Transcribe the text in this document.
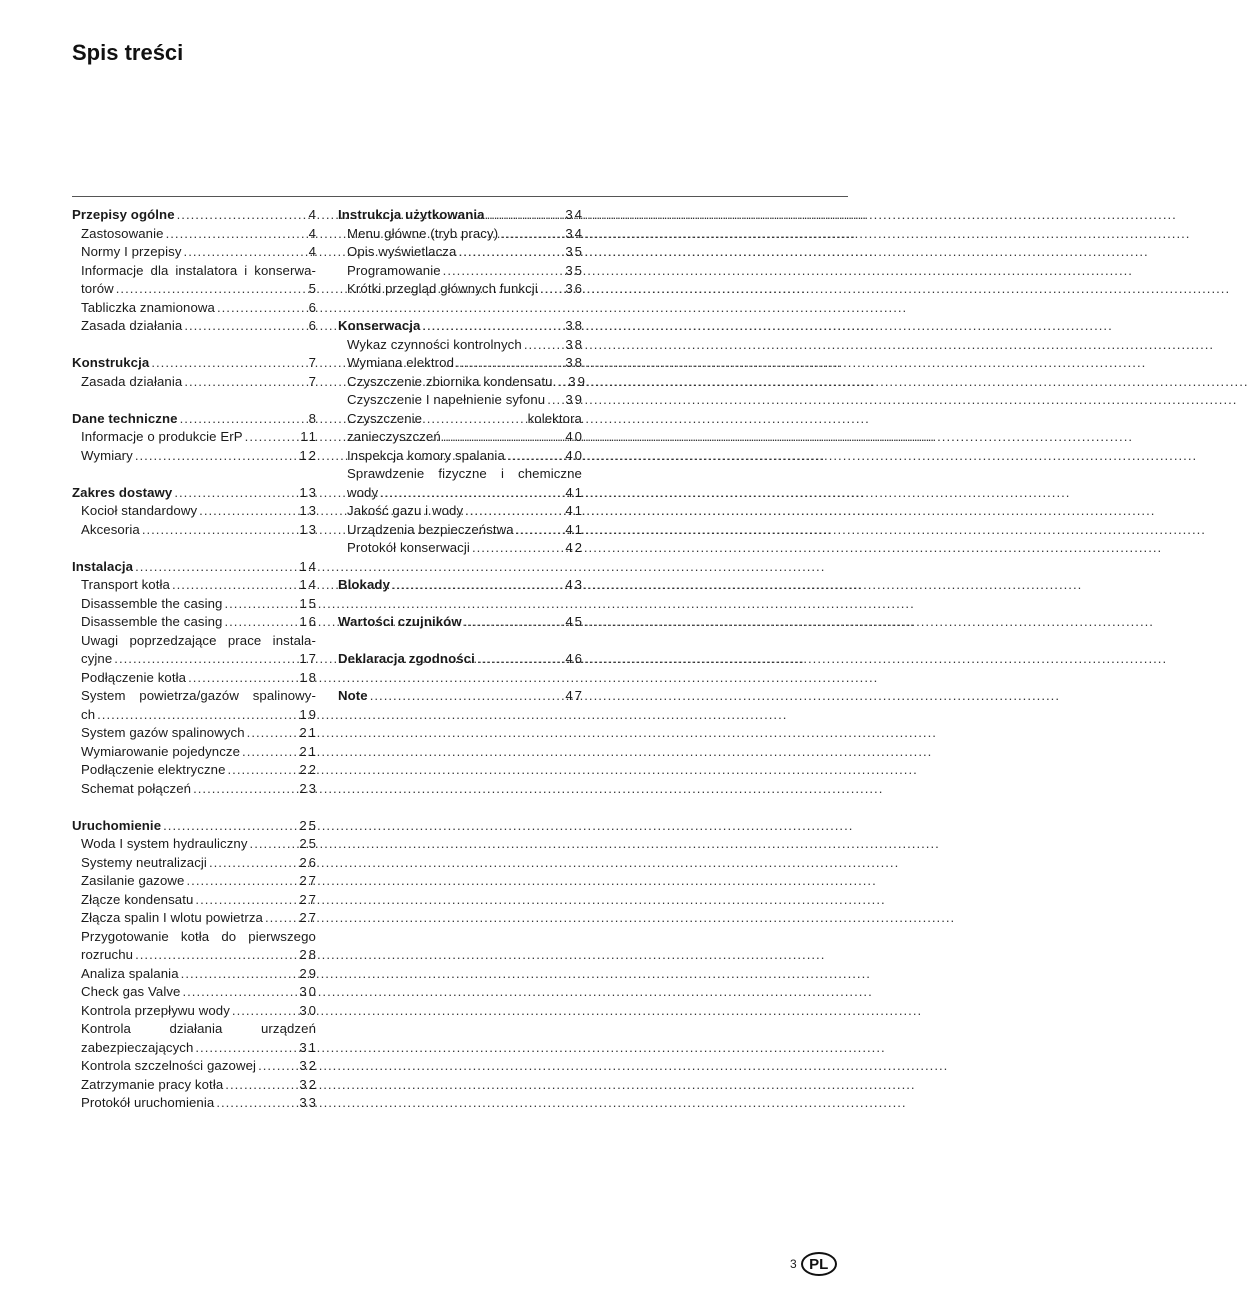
Spis treści
Przepisy ogólne .....	4
Zastosowanie .....	4
Normy I przepisy .....	4
Informacje dla instalatora i konserwa-
torów .....	5
Tabliczka znamionowa .....	6
Zasada działania .....	6
Konstrukcja .....	7
Zasada działania .....	7
Dane techniczne .....	8
Informacje o produkcie ErP .....	11
Wymiary .....	12
Zakres dostawy .....	13
Kocioł standardowy .....	13
Akcesoria .....	13
Instalacja .....	14
Transport kotła .....	14
Disassemble the casing .....	15
Disassemble the casing .....	16
Uwagi poprzedzające prace instala-
cyjne .....	17
Podłączenie kotła .....	18
System powietrza/gazów spalinowy-
ch .....	19
System gazów spalinowych .....	21
Wymiarowanie pojedyncze .....	21
Podłączenie elektryczne .....	22
Schemat połączeń .....	23
Uruchomienie .....	25
Woda I system hydrauliczny .....	25
Systemy neutralizacji .....	26
Zasilanie gazowe .....	27
Złącze kondensatu .....	27
Złącza spalin I wlotu powietrza .....	27
Przygotowanie kotła do pierwszego
rozruchu .....	28
Analiza spalania .....	29
Check gas Valve .....	30
Kontrola przepływu wody .....	30
Kontrola działania urządzeń
zabezpieczających .....	31
Kontrola szczelności gazowej .....	32
Zatrzymanie pracy kotła .....	32
Protokół uruchomienia .....	33
Instrukcja użytkowania .....	34
Menu główne (tryb pracy) .....	34
Opis wyświetlacza .....	35
Programowanie .....	35
Krótki przegląd głównych funkcji ..... 36
Konserwacja .....	38
Wykaz czynności kontrolnych .....	38
Wymiana elektrod .....	38
Czyszczenie zbiornika kondensatu. ..... 39
Czyszczenie I napełnienie syfonu ..... 39
Czyszczenie kolektora
zanieczyszczeń .....	40
Inspekcja komory spalania .....	40
Sprawdzenie fizyczne i chemiczne
wody .....	41
Jakość gazu i wody .....	41
Urządzenia bezpieczeństwa .....	41
Protokół konserwacji .....	42
Blokady .....	43
Wartości czujników .....	45
Deklaracja zgodności .....	46
Note .....	47
3 PL
